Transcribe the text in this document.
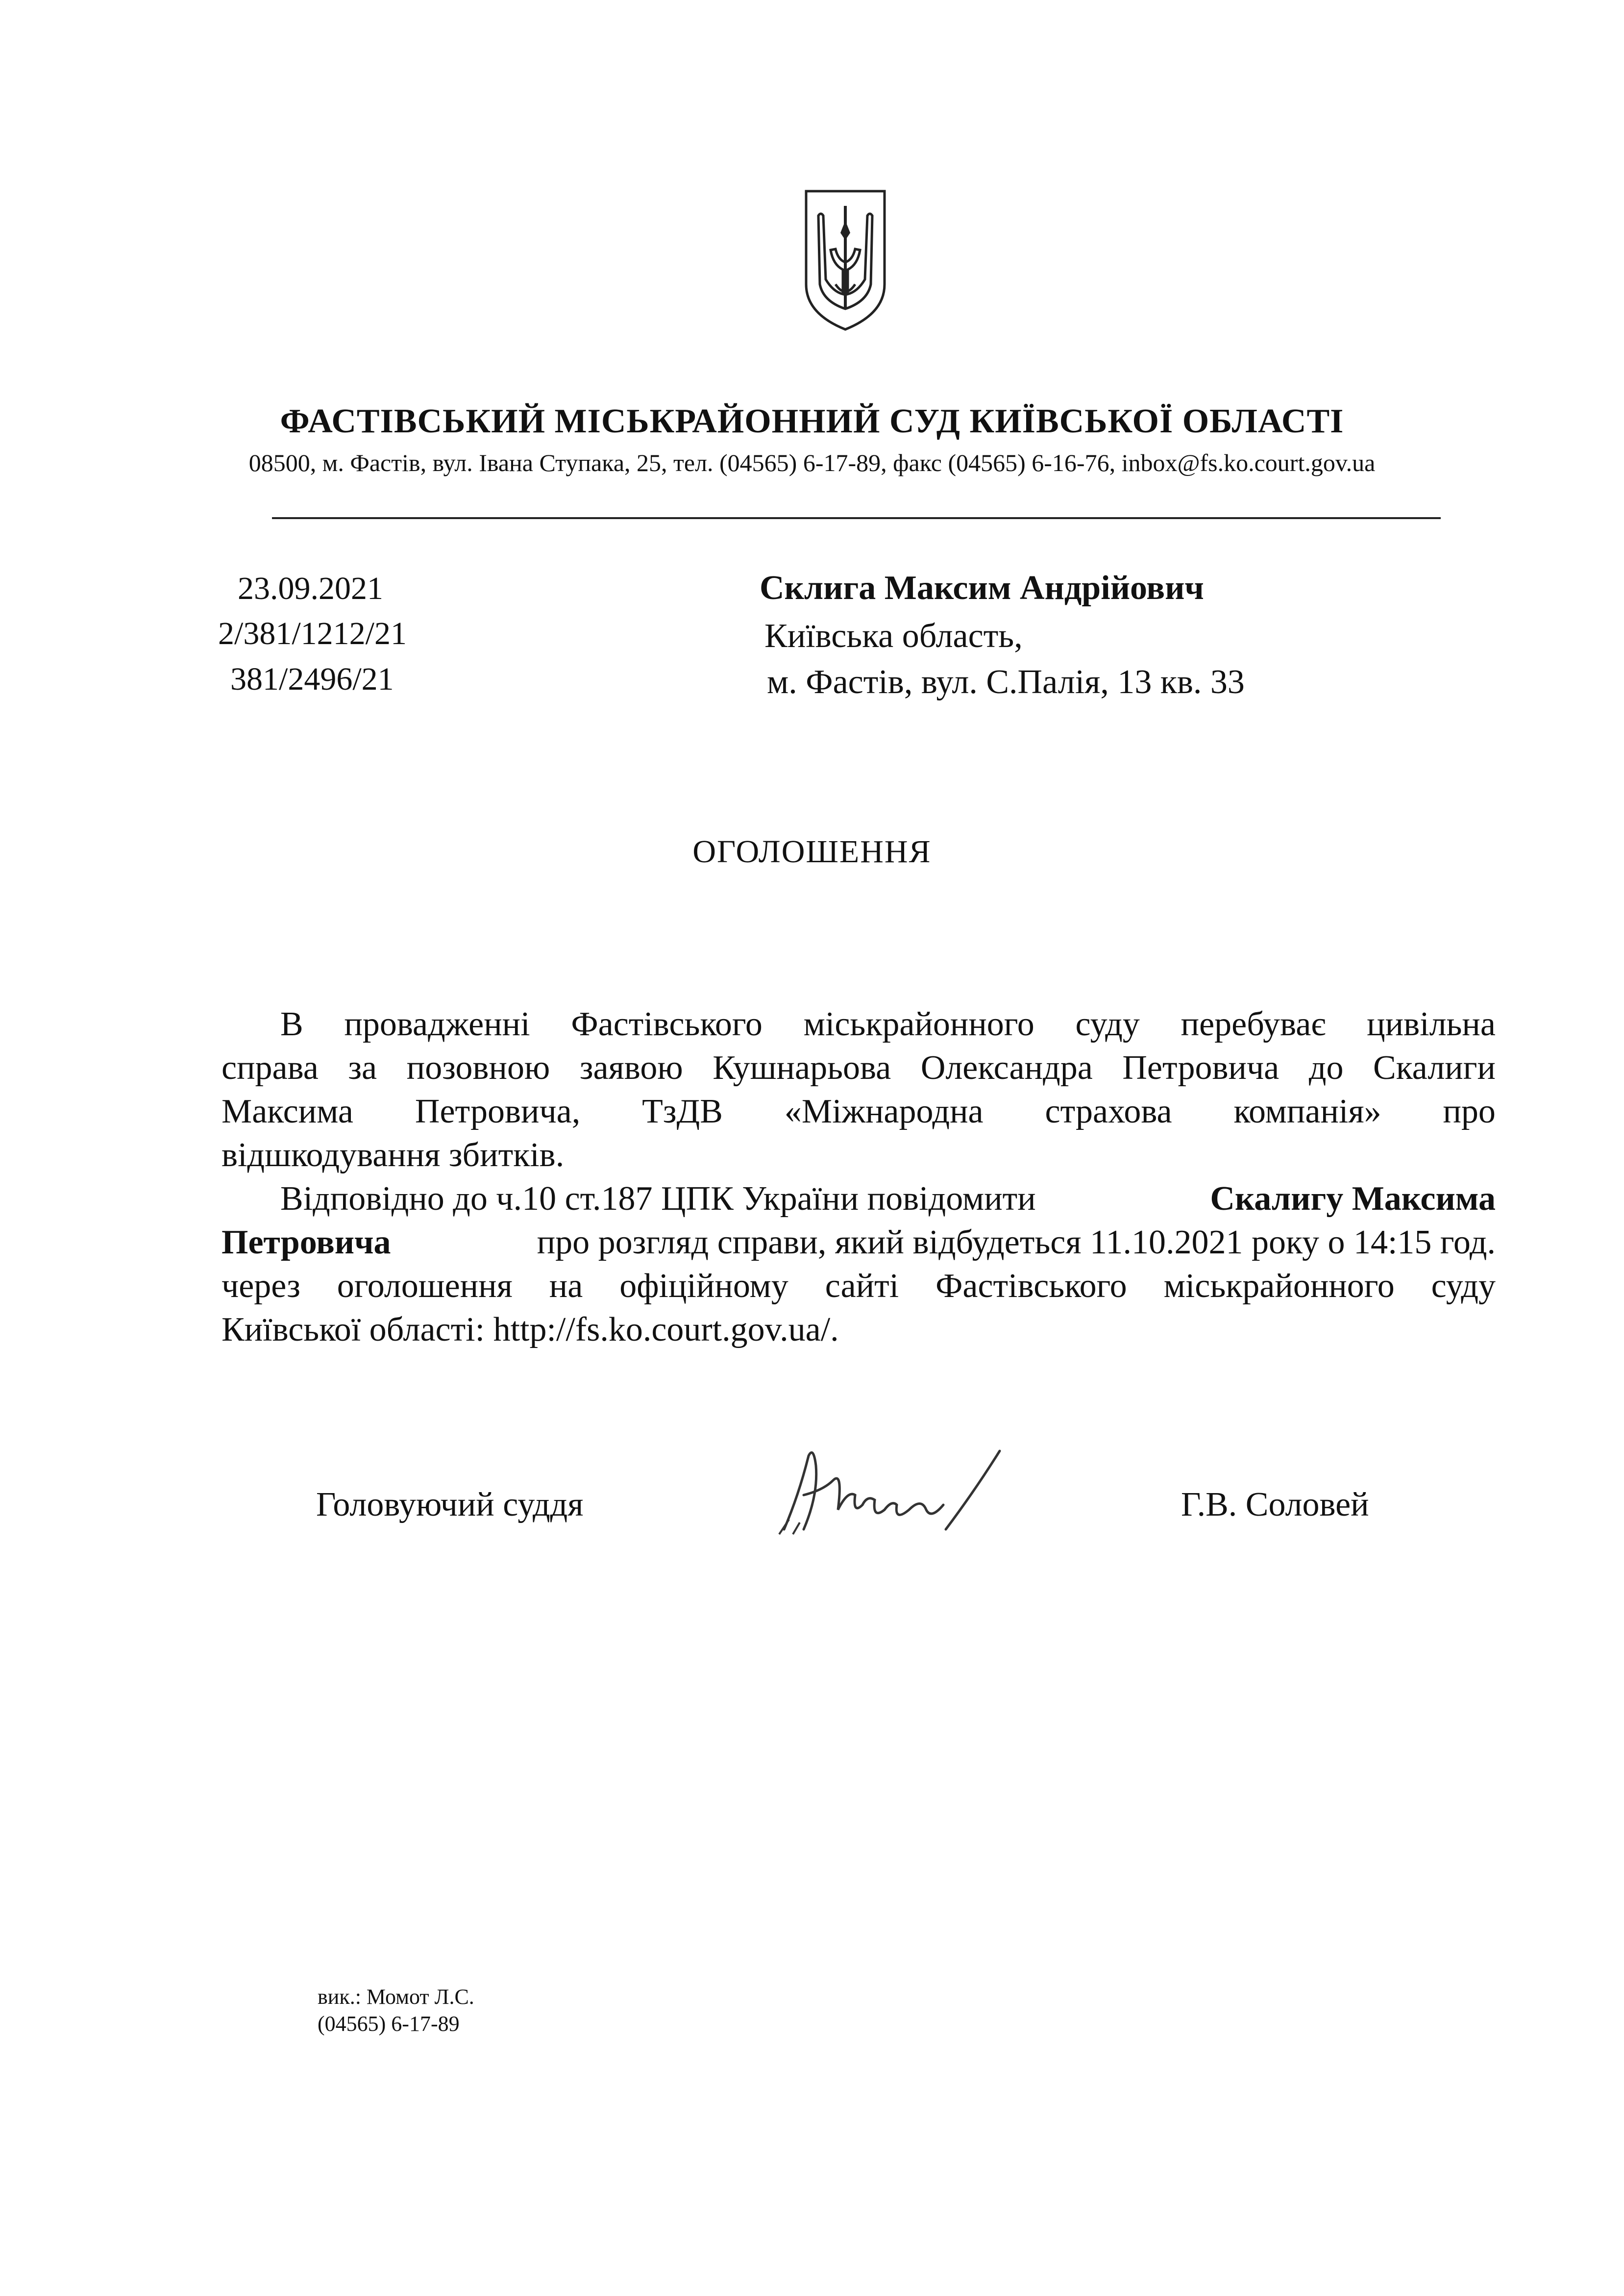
ФАСТІВСЬКИЙ МІСЬКРАЙОННИЙ СУД КИЇВСЬКОЇ ОБЛАСТІ
08500, м. Фастів, вул. Івана Ступака, 25, тел. (04565) 6-17-89, факс (04565) 6-16-76, inbox@fs.ko.court.gov.ua
23.09.2021
2/381/1212/21
381/2496/21
Склига Максим Андрійович
Київська область,
м. Фастів, вул. С.Палія, 13 кв. 33
ОГОЛОШЕННЯ
В провадженні Фастівського міськрайонного суду перебуває цивільна
справа за позовною заявою Кушнарьова Олександра Петровича до Скалиги
Максима Петровича, ТзДВ «Міжнародна страхова компанія» про
відшкодування збитків.
Відповідно до ч.10 ст.187 ЦПК України повідомити	Скалигу Максима
Петровича	про розгляд справи, який відбудеться 11.10.2021 року о 14:15 год.
через оголошення на офіційному сайті Фастівського міськрайонного суду
Київської області: http://fs.ko.court.gov.ua/.
Головуючий суддя	Г.В. Соловей
вик.: Момот Л.С.
(04565) 6-17-89
